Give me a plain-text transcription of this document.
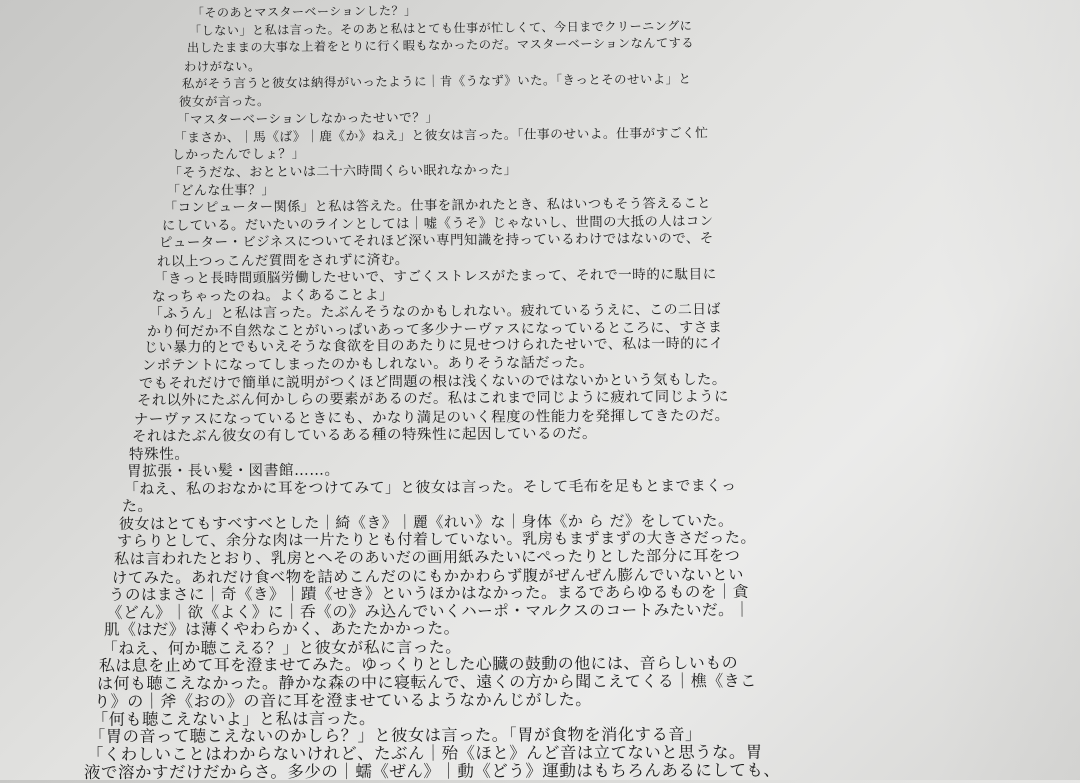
「そのあとマスターベーションした？」
「しない」と私は言った。そのあと私はとても仕事が忙しくて、今日までクリーニングに
出したままの大事な上着をとりに行く暇もなかったのだ。マスターベーションなんてする
わけがない。
私がそう言うと彼女は納得がいったように｜肯《うなず》いた。「きっとそのせいよ」と
彼女が言った。
「マスターベーションしなかったせいで？」
「まさか、｜馬《ば》｜鹿《か》ねえ」と彼女は言った。「仕事のせいよ。仕事がすごく忙
しかったんでしょ？」
「そうだな、おとといは二十六時間くらい眠れなかった」
「どんな仕事？」
「コンピューター関係」と私は答えた。仕事を訊かれたとき、私はいつもそう答えること
にしている。だいたいのラインとしては｜嘘《うそ》じゃないし、世間の大抵の人はコン
ピューター・ビジネスについてそれほど深い専門知識を持っているわけではないので、そ
れ以上つっこんだ質問をされずに済む。
「きっと長時間頭脳労働したせいで、すごくストレスがたまって、それで一時的に駄目に
なっちゃったのね。よくあることよ」
「ふうん」と私は言った。たぶんそうなのかもしれない。疲れているうえに、この二日ば
かり何だか不自然なことがいっぱいあって多少ナーヴァスになっているところに、すさま
じい暴力的とでもいえそうな食欲を目のあたりに見せつけられたせいで、私は一時的にイ
ンポテントになってしまったのかもしれない。ありそうな話だった。
でもそれだけで簡単に説明がつくほど問題の根は浅くないのではないかという気もした。
それ以外にたぶん何かしらの要素があるのだ。私はこれまで同じように疲れて同じように
ナーヴァスになっているときにも、かなり満足のいく程度の性能力を発揮してきたのだ。
それはたぶん彼女の有しているある種の特殊性に起因しているのだ。
特殊性。
胃拡張・長い髪・図書館……。
「ねえ、私のおなかに耳をつけてみて」と彼女は言った。そして毛布を足もとまでまくっ
た。
彼女はとてもすべすべとした｜綺《き》｜麗《れい》な｜身体《か ら だ》をしていた。
すらりとして、余分な肉は一片たりとも付着していない。乳房もまずまずの大きさだった。
私は言われたとおり、乳房とへそのあいだの画用紙みたいにぺったりとした部分に耳をつ
けてみた。あれだけ食べ物を詰めこんだのにもかかわらず腹がぜんぜん膨んでいないとい
うのはまさに｜奇《き》｜蹟《せき》というほかはなかった。まるであらゆるものを｜貪
《どん》｜欲《よく》に｜呑《の》み込んでいくハーポ・マルクスのコートみたいだ。｜
肌《はだ》は薄くやわらかく、あたたかかった。
「ねえ、何か聴こえる？」と彼女が私に言った。
私は息を止めて耳を澄ませてみた。ゆっくりとした心臓の鼓動の他には、音らしいもの
は何も聴こえなかった。静かな森の中に寝転んで、遠くの方から聞こえてくる｜樵《きこ
り》の｜斧《おの》の音に耳を澄ませているようなかんじがした。
「何も聴こえないよ」と私は言った。
「胃の音って聴こえないのかしら？」と彼女は言った。「胃が食物を消化する音」
「くわしいことはわからないけれど、たぶん｜殆《ほと》んど音は立てないと思うな。胃
液で溶かすだけだからさ。多少の｜蠕《ぜん》｜動《どう》運動はもちろんあるにしても、
